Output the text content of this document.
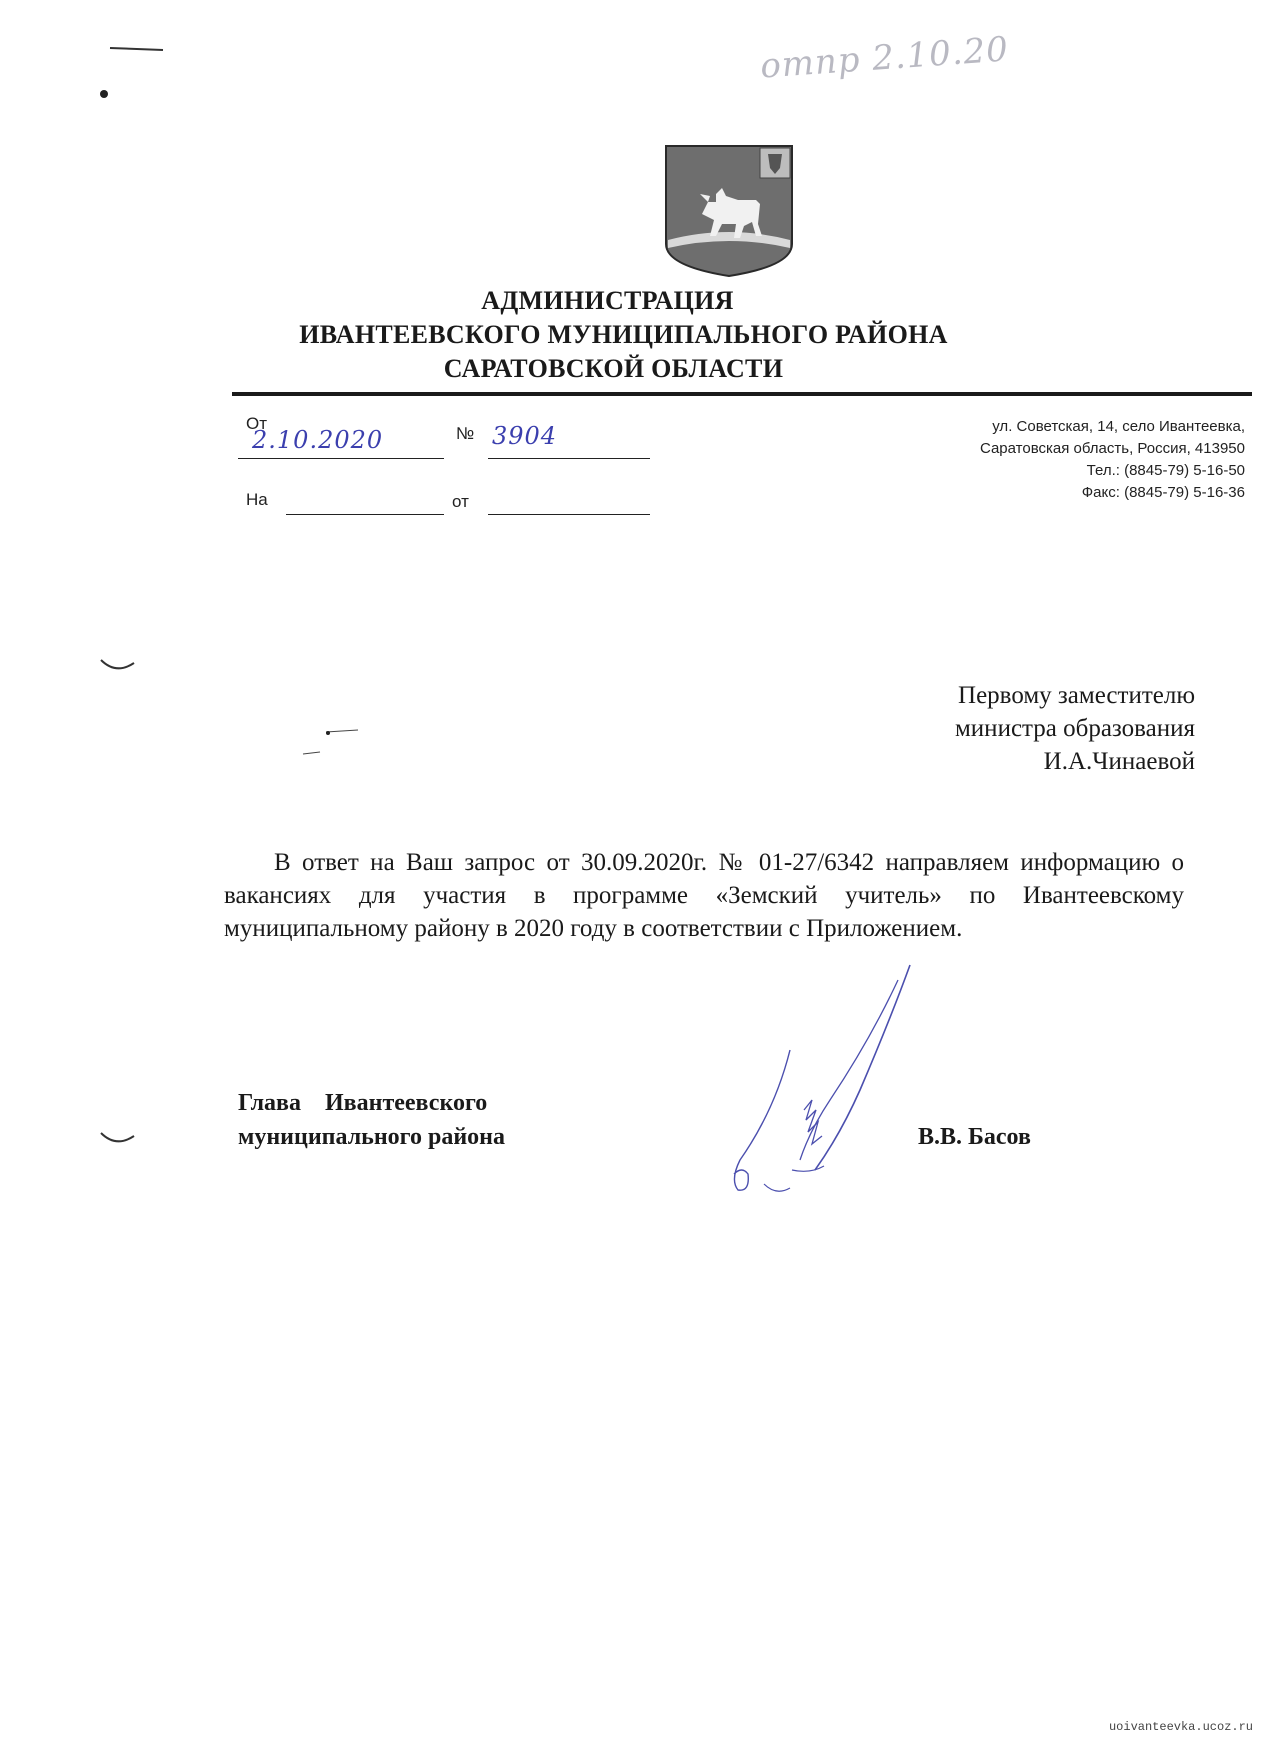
отпр 2.10.20
АДМИНИСТРАЦИЯ
ИВАНТЕЕВСКОГО МУНИЦИПАЛЬНОГО РАЙОНА
САРАТОВСКОЙ ОБЛАСТИ
От
2.10.2020	№ 3904
На	от
ул. Советская, 14, село Ивантеевка,
Саратовская область, Россия, 413950
Тел.: (8845-79) 5-16-50
Факс: (8845-79) 5-16-36
Первому заместителю
министра образования
И.А.Чинаевой
В ответ на Ваш запрос от 30.09.2020г. № 01-27/6342 направляем информацию о вакансиях для участия в программе «Земский учитель» по Ивантеевскому муниципальному району в 2020 году в соответствии с Приложением.
Глава    Ивантеевского
муниципального района	В.В. Басов
uoivanteevka.ucoz.ru
